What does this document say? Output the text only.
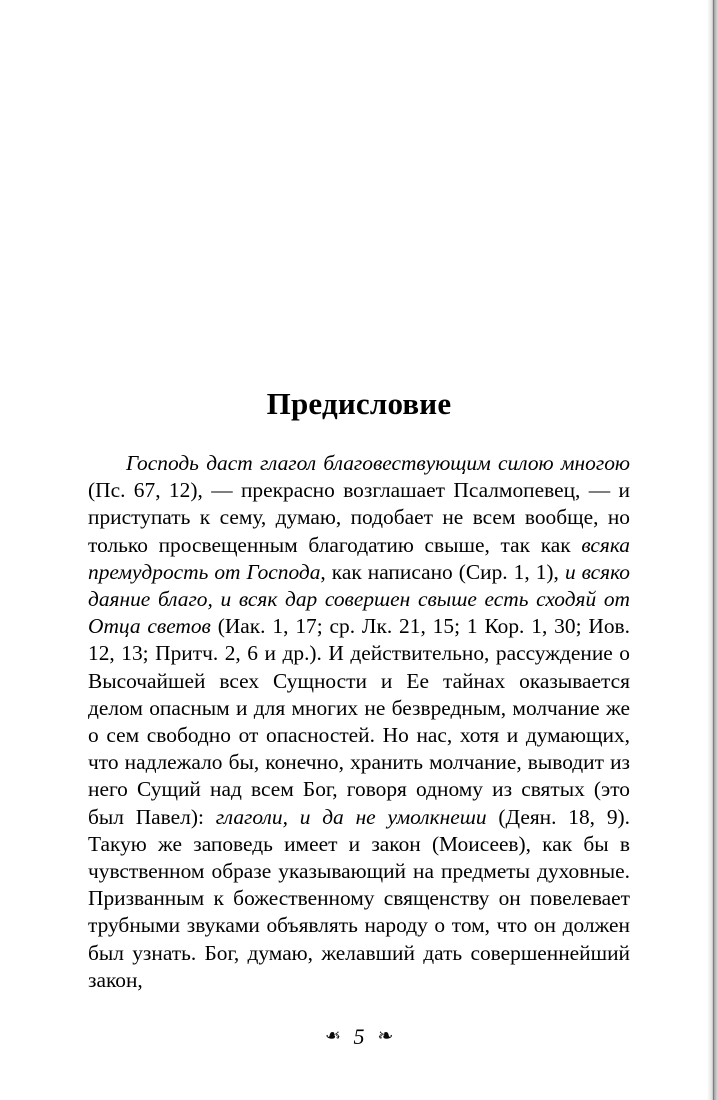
Предисловие
Господь даст глагол благовествующим силою многою (Пс. 67, 12), — прекрасно возглашает Псалмопевец, — и приступать к сему, думаю, подобает не всем вообще, но только просвещенным благодатию свыше, так как всяка премудрость от Господа, как написано (Сир. 1, 1), и всяко даяние благо, и всяк дар совершен свыше есть сходяй от Отца светов (Иак. 1, 17; ср. Лк. 21, 15; 1 Кор. 1, 30; Иов. 12, 13; Притч. 2, 6 и др.). И действительно, рассуждение о Высочайшей всех Сущности и Ее тайнах оказывается делом опасным и для многих не безвредным, молчание же о сем свободно от опасностей. Но нас, хотя и думающих, что надлежало бы, конечно, хранить молчание, выводит из него Сущий над всем Бог, говоря одному из святых (это был Павел): глаголи, и да не умолкнеши (Деян. 18, 9). Такую же заповедь имеет и закон (Моисеев), как бы в чувственном образе указывающий на предметы духовные. Призванным к божественному священству он повелевает трубными звуками объявлять народу о том, что он должен был узнать. Бог, думаю, желавший дать совершеннейший закон,
❧ 5 ❧
